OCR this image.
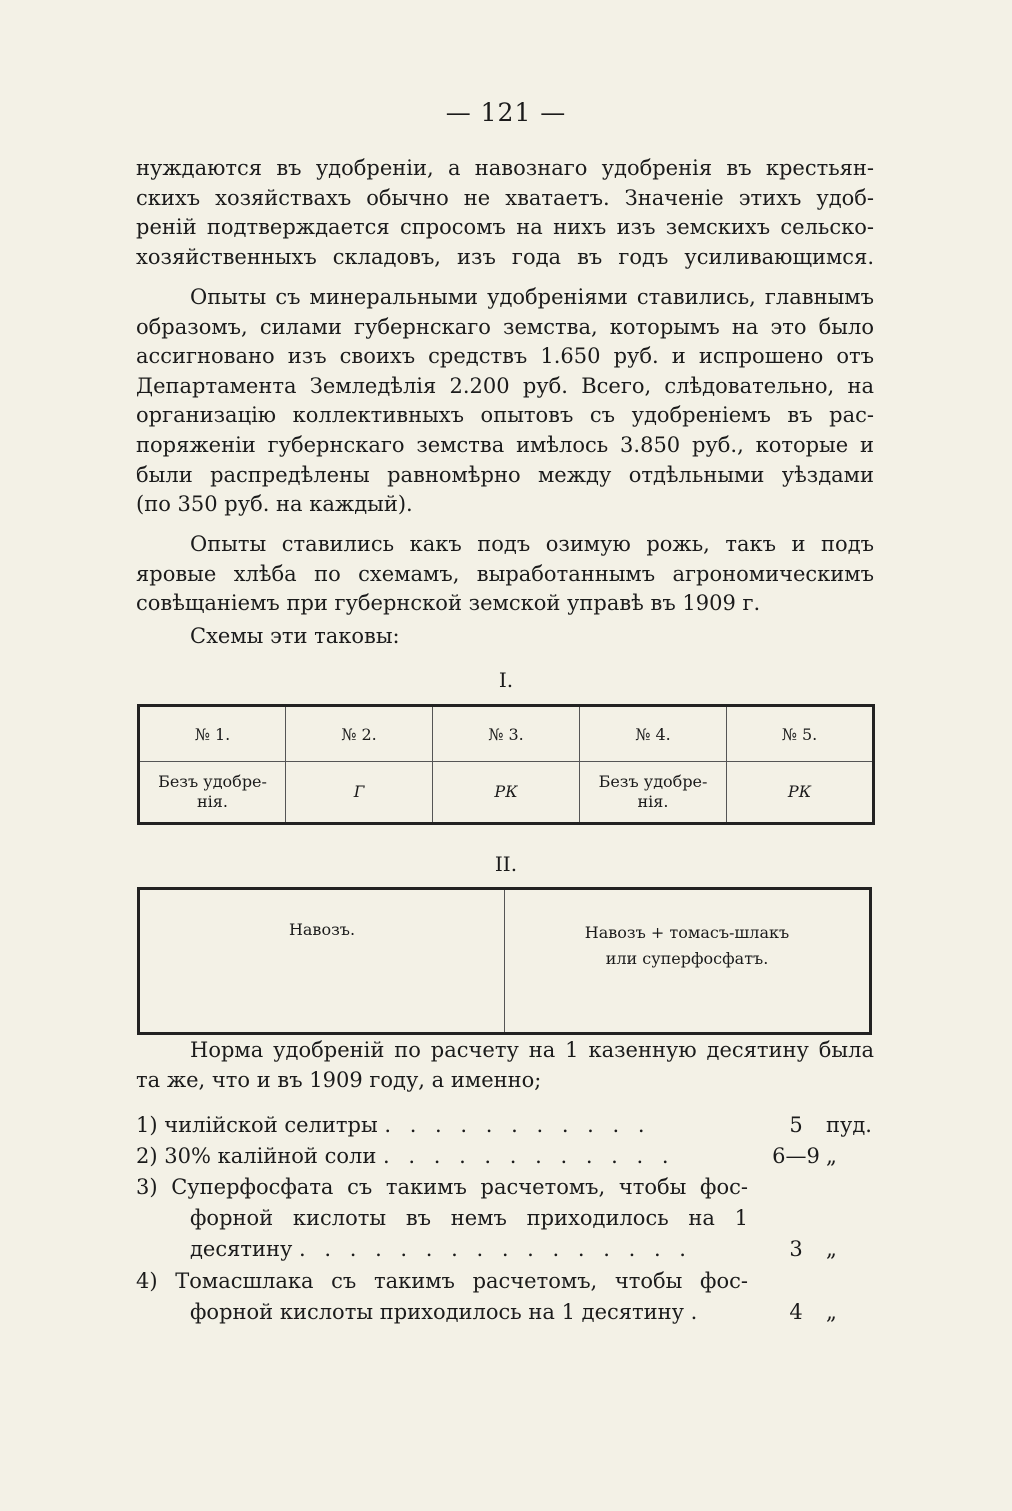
— 121 —
нуждаются въ удобреніи, а навознаго удобренія въ крестьян-
скихъ хозяйствахъ обычно не хватаетъ. Значеніе этихъ удоб-
реній подтверждается спросомъ на нихъ изъ земскихъ сельско-
хозяйственныхъ складовъ, изъ года въ годъ усиливающимся.
Опыты съ минеральными удобреніями ставились, главнымъ
образомъ, силами губернскаго земства, которымъ на это было
ассигновано изъ своихъ средствъ 1.650 руб. и испрошено отъ
Департамента Земледѣлія 2.200 руб. Всего, слѣдовательно, на
организацію коллективныхъ опытовъ съ удобреніемъ въ рас-
поряженіи губернскаго земства имѣлось 3.850 руб., которые и
были распредѣлены равномѣрно между отдѣльными уѣздами
(по 350 руб. на каждый).
Опыты ставились какъ подъ озимую рожь, такъ и подъ
яровые хлѣба по схемамъ, выработаннымъ агрономическимъ
совѣщаніемъ при губернской земской управѣ въ 1909 г.
Схемы эти таковы:
I.
№ 1.	№ 2.	№ 3.	№ 4.	№ 5.
Безъ удобре-
нія.	Г	РК	Безъ удобре-
нія.	РК
II.
Навозъ.	Навозъ + томасъ-шлакъ
или суперфосфатъ.
Норма удобреній по расчету на 1 казенную десятину была
та же, что и въ 1909 году, а именно;
1) чилійской селитры . . . . . . . . . . .	5	пуд.
2) 30% калійной соли . . . . . . . . . . . .	6—9 „
3) Суперфосфата съ такимъ расчетомъ, чтобы фос-
форной кислоты въ немъ приходилось на 1
десятину . . . . . . . . . . . . . . . .	3	„
4) Томасшлака съ такимъ расчетомъ, чтобы фос-
форной кислоты приходилось на 1 десятину .	4	„
